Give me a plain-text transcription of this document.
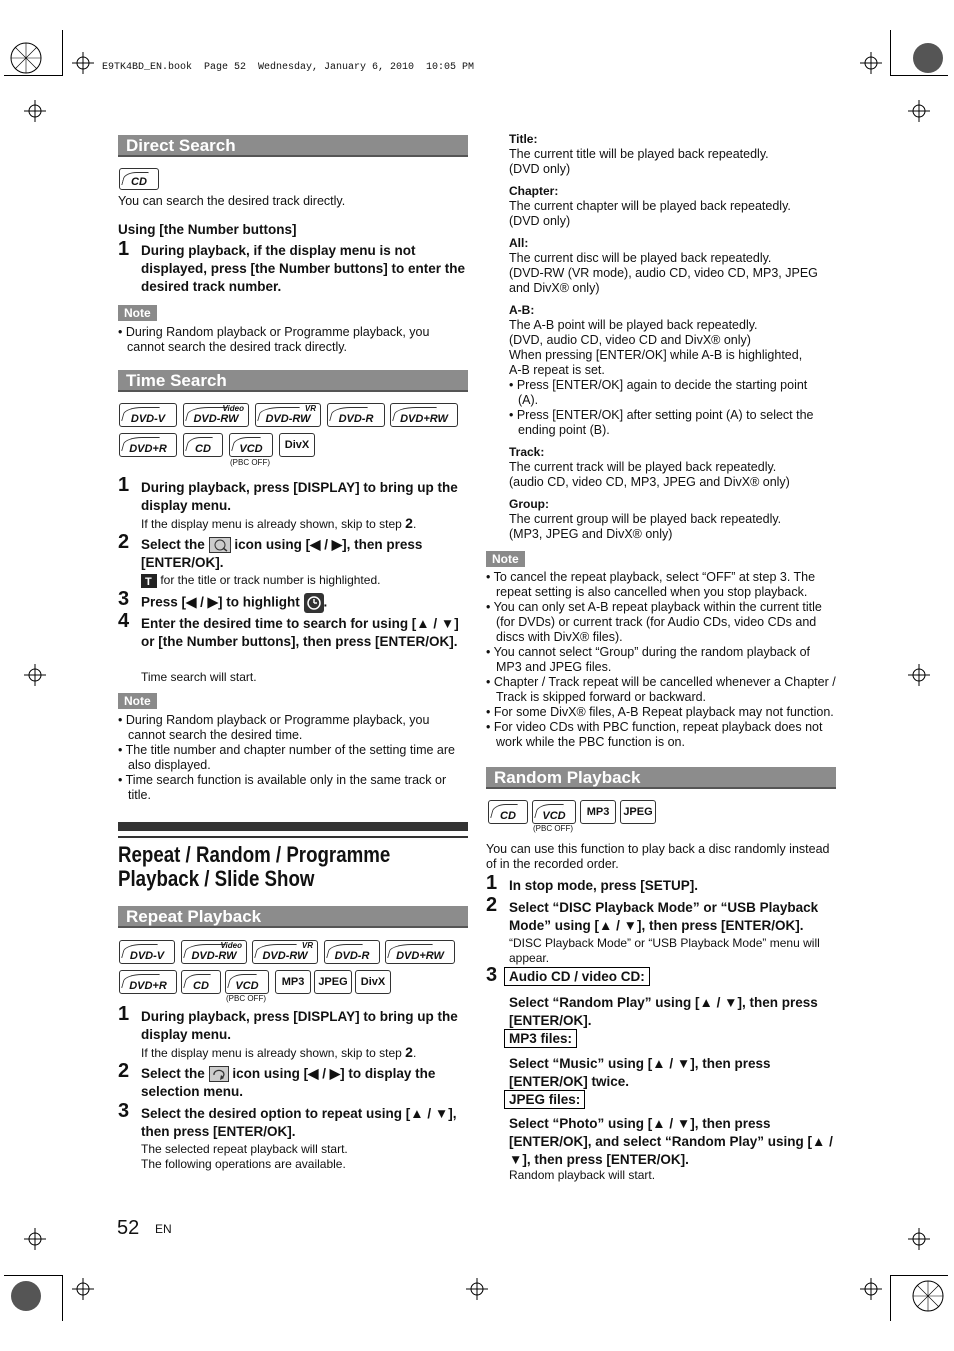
E9TK4BD_EN.book  Page 52  Wednesday, January 6, 2010  10:05 PM
Direct Search
CD
You can search the desired track directly.
Using [the Number buttons]
1 During playback, if the display menu is not displayed, press [the Number buttons] to enter the desired track number.
Note
• During Random playback or Programme playback, you
cannot search the desired track directly.
Time Search
DVD-V
Video
DVD-RW
VR
DVD-RW	DVD-R DVD+RW
DVD+R	CD	VCD
(PBC OFF)
DivX
1 During playback, press [DISPLAY] to bring up the display menu.
If the display menu is already shown, skip to step 2.
2 Select the icon using [◀ / ▶], then press
[ENTER/OK].
T for the title or track number is highlighted.
3 Press [◀ / ▶] to highlight .
4 Enter the desired time to search for using [▲ / ▼] or [the Number buttons], then press [ENTER/OK].
Time search will start.
Note
• During Random playback or Programme playback, you cannot search the desired time.
• The title number and chapter number of the setting time are also displayed.
• Time search function is available only in the same track or title.
Repeat / Random / Programme
Playback / Slide Show
Repeat Playback
DVD-V
Video
DVD-RW
VR
DVD-RW DVD-R DVD+RW
DVD+R CD VCD
(PBC OFF)
MP3 JPEG DivX
1 During playback, press [DISPLAY] to bring up the display menu.
If the display menu is already shown, skip to step 2.
2 Select the icon using [◀ / ▶] to display the selection menu.
3 Select the desired option to repeat using [▲ / ▼], then press [ENTER/OK].
The selected repeat playback will start.
The following operations are available.
Title:
The current title will be played back repeatedly.
(DVD only)
Chapter:
The current chapter will be played back repeatedly.
(DVD only)
All:
The current disc will be played back repeatedly.
(DVD-RW (VR mode), audio CD, video CD, MP3, JPEG
and DivX® only)
A-B:
The A-B point will be played back repeatedly.
(DVD, audio CD, video CD and DivX® only)
When pressing [ENTER/OK] while A-B is highlighted,
A-B repeat is set.
• Press [ENTER/OK] again to decide the starting point
(A).
• Press [ENTER/OK] after setting point (A) to select the
ending point (B).
Track:
The current track will be played back repeatedly.
(audio CD, video CD, MP3, JPEG and DivX® only)
Group:
The current group will be played back repeatedly.
(MP3, JPEG and DivX® only)
Note
• To cancel the repeat playback, select “OFF” at step 3. The repeat setting is also cancelled when you stop playback.
• You can only set A-B repeat playback within the current title (for DVDs) or current track (for Audio CDs, video CDs and discs with DivX® files).
• You cannot select “Group” during the random playback of MP3 and JPEG files.
• Chapter / Track repeat will be cancelled whenever a Chapter / Track is skipped forward or backward.
• For some DivX® files, A-B Repeat playback may not function.
• For video CDs with PBC function, repeat playback does not work while the PBC function is on.
Random Playback
CD VCD
(PBC OFF)
MP3 JPEG
You can use this function to play back a disc randomly instead
of in the recorded order.
1 In stop mode, press [SETUP].
2 Select “DISC Playback Mode” or “USB Playback Mode” using [▲ / ▼], then press [ENTER/OK].
“DISC Playback Mode” or “USB Playback Mode” menu will appear.
3 Audio CD / video CD:
Select “Random Play” using [▲ / ▼], then press [ENTER/OK].
MP3 files:
Select “Music” using [▲ / ▼], then press [ENTER/OK] twice.
JPEG files:
Select “Photo” using [▲ / ▼], then press [ENTER/OK], and select “Random Play” using [▲ / ▼], then press [ENTER/OK].
Random playback will start.
52 EN
